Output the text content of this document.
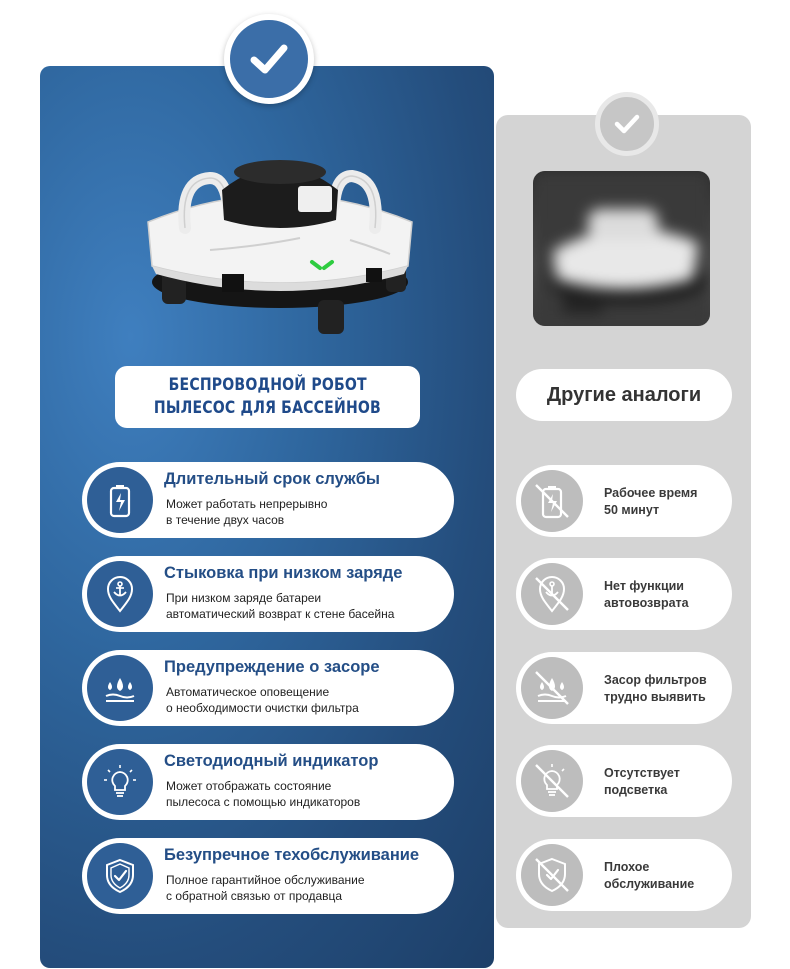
БЕСПРОВОДНОЙ РОБОТ
ПЫЛЕСОС ДЛЯ БАССЕЙНОВ
Другие аналоги
Длительный срок службы
Может работать непрерывно
в течение двух часов
Стыковка при низком заряде
При низком заряде батареи
автоматический возврат к стене басейна
Предупреждение о засоре
Автоматическое оповещение
о необходимости очистки фильтра
Светодиодный индикатор
Может отображать состояние
пылесоса с помощью индикаторов
Безупречное техобслуживание
Полное гарантийное обслуживание
с обратной связью от продавца
Рабочее время
50 минут
Нет функции
автовозврата
Засор фильтров
трудно выявить
Отсутствует
подсветка
Плохое
обслуживание
